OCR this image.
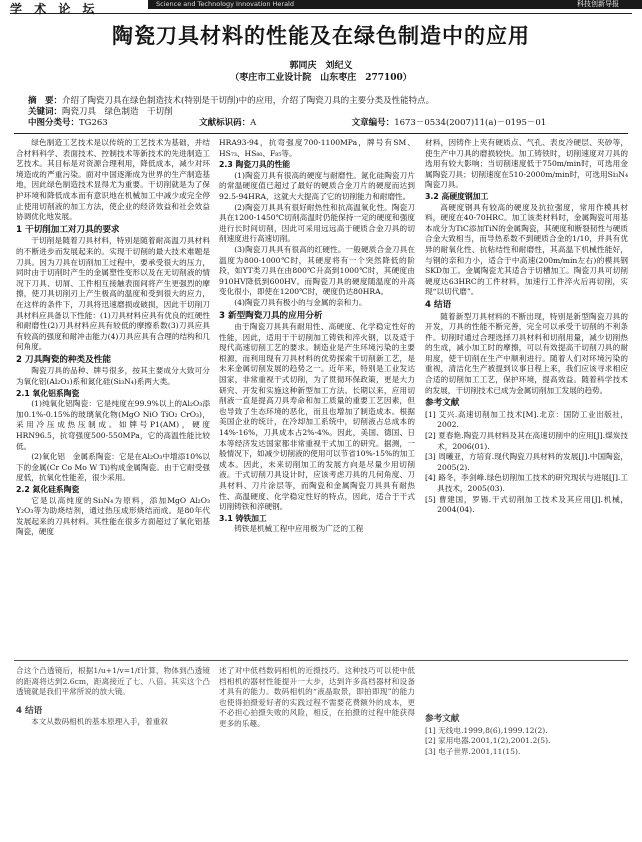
学 术 论 坛	Science and Technology Innovation Herald	科技创新导报
陶瓷刀具材料的性能及在绿色制造中的应用
郭同庆　刘纪义
（枣庄市工业设计院　山东枣庄　277100）
摘　要：介绍了陶瓷刀具在绿色制造技术(特别是干切削)中的应用，介绍了陶瓷刀具的主要分类及性能特点。
关键词：陶瓷刀具　绿色制造　干切削
中图分类号：TG263	文献标识码：A	文章编号：1673－0534(2007)11(a)－0195－01

绿色制造工艺技术是以传统的工艺技术为基础，并结合材料科学、表面技术、控制技术等新技术的先进制造工艺技术。其目标是对资源合理利用，降低成本，减少对环境造成的严重污染。面对中国逐渐成为世界的生产制造基地，因此绿色制造技术显得尤为重要。干切削就是为了保护环境和降低成本而有意识地在机械加工中减少或完全停止使用切削液的加工方法，使企业的经济效益和社会效益协调优化地发展。

1 干切削加工对刀具的要求

干切削是随着刀具材料，特别是随着耐高温刀具材料的不断进步而发展起来的。实现干切削的最大技术难题是刀具。因为刀具在切削加工过程中，要承受很大的压力，同时由于切削时产生的金属塑性变形以及在无切削液的情况下刀具、切屑、工件相互接触表面间将产生更强烈的摩擦，使刀具切削刃上产生极高的温度和受到很大的应力，在这样的条件下，刀具将迅速磨损或破损，因此干切削刀具材料应具备以下性能：(1)刀具材料应具有优良的红硬性和耐磨性(2)刀具材料应具有较低的摩擦系数(3)刀具应具有较高的强度和耐冲击能力(4)刀具应具有合理的结构和几何角度。

2 刀具陶瓷的种类及性能

陶瓷刀具的品种、牌号很多，按其主要成分大致可分为氧化铝(Al₂O₃)系和氮化硅(Si₃N₄)系两大类。

2.1 氧化铝系陶瓷

(1)纯氧化铝陶瓷：它是纯度在99.9%以上的Al₂O₃添加0.1%-0.15%的玻璃氧化物(MgO NiO TiO₂ CrO₃)，采用冷压成热压制成。如牌号P1(AM)，硬度HRN96.5，抗弯强度500-550MPa，它的高温性能比较低。

(2)氧化铝　金属系陶瓷：它是在Al₂O₃中增添10%以下的金属(Cr Co Mo W Ti)构成金属陶瓷。由于它耐受强度低，抗氧化性能差，很少采用。

2.2 氮化硅系陶瓷

它是以高纯度的Si₃N₄为原料，添加MgO Al₂O₃ Y₂O₃等为助烧结剂，通过热压成形烧结而成。是80年代发展起来的刀具材料。其性能在很多方面超过了氧化铝基陶瓷，硬度

HRA93-94，抗弯强度700-1100MPa，牌号有SM、HS₇₃、HS₈₀、F₈₅等。

2.3 陶瓷刀具的性能

(1)陶瓷刀具有很高的硬度与耐磨性。氮化硅陶瓷刀片的常温硬度值已超过了最好的硬质合金刀片的硬度而达到92.5-94HRA，这就大大提高了它的切削能力和耐磨性。

(2)陶瓷刀具具有很好耐热性和抗高温氧化性。陶瓷刀具在1200-1450℃切削高温时仍能保持一定的硬度和强度进行长时间切削，因此可采用远远高于硬质合金刀具的切削速度进行高速切削。

(3)陶瓷刀具具有很高的红硬性。一般硬质合金刀具在温度为800-1000℃时，其硬度将有一个突然降低的阶段，如YT类刀具在由800℃升高到1000℃时，其硬度由910HV降低到600HV。而陶瓷刀具的硬度随温度的升高变化很小，即使在1200℃时，硬度仍达80HRA。

(4)陶瓷刀具有极小的与金属的亲和力。

3 新型陶瓷刀具的应用分析

由于陶瓷刀具具有耐用性、高硬度、化学稳定性好的性能，因此，适用于干切削加工铸铁和淬火钢，以及适于现代高速切削工艺的要求。制造业是产生环境污染的主要根源，而利用现有刀具材料的优势探索干切削新工艺，是未来金属切削发展的趋势之一。近年来，特别是工业发达国家，非常重视干式切削，为了贯彻环保政策，更是大力研究、开发和实施这种新型加工方法。长期以来，应用切削液一直是提高刀具寿命和加工质量的重要工艺因素，但也导致了生态环境的恶化，而且也增加了制造成本。根据美国企业的统计，在冷却加工系统中，切削液占总成本的14%-16%，刀具成本占2%-4%。因此，美国、德国、日本等经济发达国家都非常重视干式加工的研究。据测，一般情况下，如减少切削液的使用可以节省10%-15%的加工成本。因此，未来切削加工的发展方向是尽量少用切削液。干式切削刀具设计时，应该考虑刀具的几何角度、刀具材料、刀片涂层等，而陶瓷和金属陶瓷刀具具有耐热性、高温硬度、化学稳定性好的特点，因此，适合于干式切削铸铁和淬硬钢。

3.1 铸铁加工

铸铁是机械工程中应用极为广泛的工程

材料，因铸件上夹有硬质点、气孔、表皮冷硬层、夹砂等，使生产中刀具的磨损较快。加工铸铁时，切削速度对刀具的选用有较大影响；当切削速度低于750m/min时，可选用金属陶瓷刀具；切削速度在510-2000m/min时，可选用Si₃N₄陶瓷刀具。

3.2 高硬度钢加工

高硬度钢具有较高的硬度及抗拉强度，常用作模具材料，硬度在40-70HRC。加工该类材料时，金属陶瓷可用基本成分为TiC添加TiN的金属陶瓷，其硬度和断裂韧性与硬质合金大致相当，而导热系数不到硬质合金的1/10，并具有优异的耐氧化性、抗粘结性和耐磨性，其高温下机械性能好，与钢的亲和力小，适合于中高速(200m/min左右)的模具钢SKD加工。金属陶瓷尤其适合于切槽加工。陶瓷刀具可切削硬度达63HRC的工件材料，加速行工件淬火后再切削，实现“以切代磨”。

4 结语

随着新型刀具材料的不断出现，特别是新型陶瓷刀具的开发，刀具的性能不断完善，完全可以承受干切削的不利条件。切削时通过合理选择刀具材料和切削用量，减少切削热的生成，减小加工时的摩擦，可以有效提高干切削刀具的耐用度，使干切削在生产中顺利进行。随着人们对环境污染的重视，清洁化生产被提到议事日程上来，我们应该寻求相应合适的切削加工工艺，保护环境，提高效益。随着科学技术的发展，干切削技术已成为金属切削加工发展的趋势。

参考文献

[1] 艾兴.高速切削加工技术[M].北京：国防工业出版社，2002.

[2] 夏春艳.陶瓷刀具材料及其在高速切削中的应用[J].煤炭技术，2006(01).

[3] 周曦亚，方培育.现代陶瓷刀具材料的发展[J].中国陶瓷，2005(2).

[4] 路冬，李剑峰.绿色切削加工技术的研究现状与进展[J].工具技术，2005(03).

[5] 曹建国，罗锡.干式切削加工技术及其应用[J].机械，2004(04).

合这个凸透镜后，根据1/u+1/v=1/f计算，物体到凸透镜的距离将达到2.6cm，距离接近了七、八倍。其实这个凸透镜就是我们平常所说的放大镜。

4 结语

本文从数码相机的基本原理入手，着重叙

述了对中低档数码相机的近摄技巧。这种技巧可以使中低档相机的器材性能提升一大步，达到许多高档器材和设备才具有的能力。数码相机的“液晶取景，即拍即现”的能力也使得拍摄爱好者的实践过程不需要花费额外的成本，更不必担心拍摄失败的风险，相反，在拍摄的过程中能获得更多的乐趣。	参考文献

[1] 无线电.1999,8(6),1999.12(2).

[2] 家用电器.2001,1(2),2001.2(5).

[3] 电子世界.2001,11(15).
